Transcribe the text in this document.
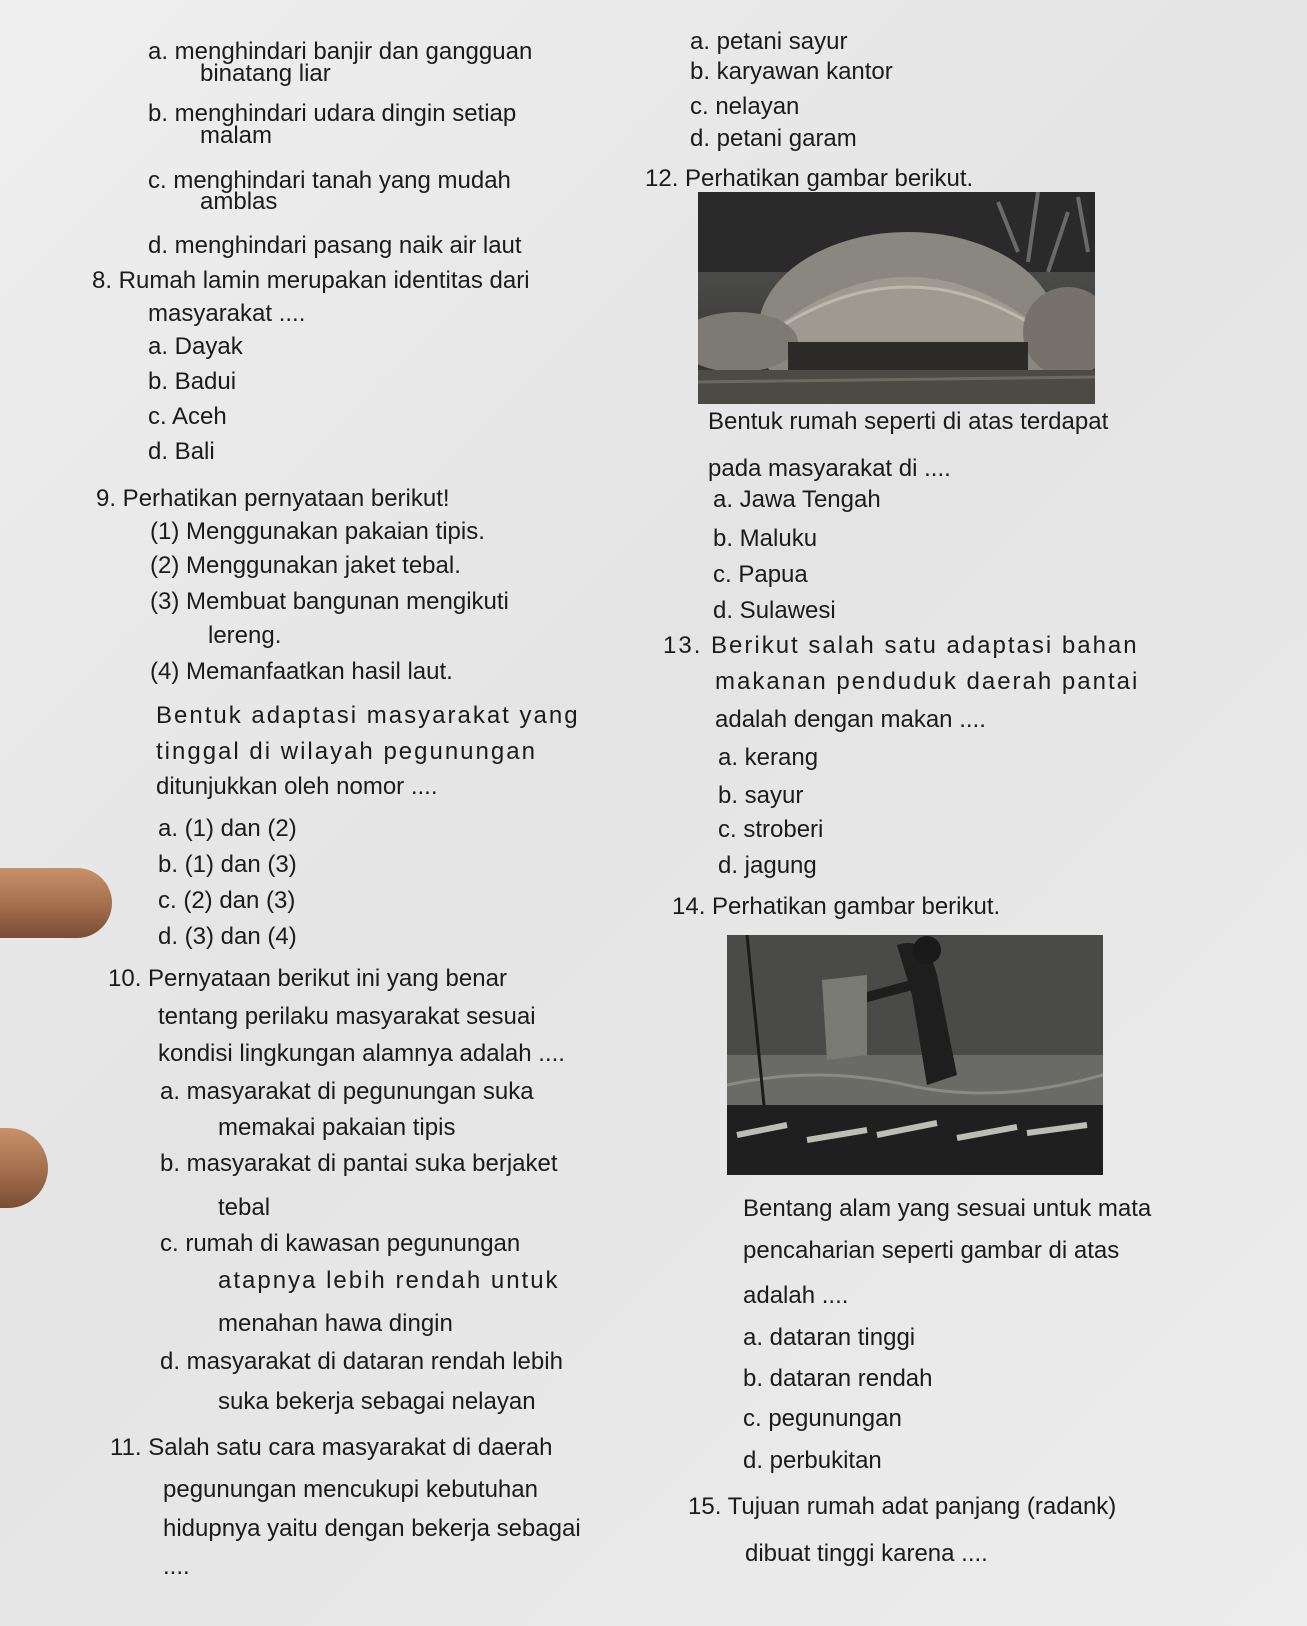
a. menghindari banjir dan gangguan
binatang liar
b. menghindari udara dingin setiap
malam
c. menghindari tanah yang mudah
amblas
d. menghindari pasang naik air laut
8. Rumah lamin merupakan identitas dari
masyarakat ....
a. Dayak
b. Badui
c. Aceh
d. Bali
9. Perhatikan pernyataan berikut!
(1) Menggunakan pakaian tipis.
(2) Menggunakan jaket tebal.
(3) Membuat bangunan mengikuti
lereng.
(4) Memanfaatkan hasil laut.
Bentuk adaptasi masyarakat yang
tinggal di wilayah pegunungan
ditunjukkan oleh nomor ....
a. (1) dan (2)
b. (1) dan (3)
c. (2) dan (3)
d. (3) dan (4)
10. Pernyataan berikut ini yang benar
tentang perilaku masyarakat sesuai
kondisi lingkungan alamnya adalah ....
a. masyarakat di pegunungan suka
memakai pakaian tipis
b. masyarakat di pantai suka berjaket
tebal
c. rumah di kawasan pegunungan
atapnya lebih rendah untuk
menahan hawa dingin
d. masyarakat di dataran rendah lebih
suka bekerja sebagai nelayan
11. Salah satu cara masyarakat di daerah
pegunungan mencukupi kebutuhan
hidupnya yaitu dengan bekerja sebagai
....
a. petani sayur
b. karyawan kantor
c. nelayan
d. petani garam
12. Perhatikan gambar berikut.
Bentuk rumah seperti di atas terdapat
pada masyarakat di ....
a. Jawa Tengah
b. Maluku
c. Papua
d. Sulawesi
13. Berikut salah satu adaptasi bahan
makanan penduduk daerah pantai
adalah dengan makan ....
a. kerang
b. sayur
c. stroberi
d. jagung
14. Perhatikan gambar berikut.
Bentang alam yang sesuai untuk mata
pencaharian seperti gambar di atas
adalah ....
a. dataran tinggi
b. dataran rendah
c. pegunungan
d. perbukitan
15. Tujuan rumah adat panjang (radank)
dibuat tinggi karena ....
